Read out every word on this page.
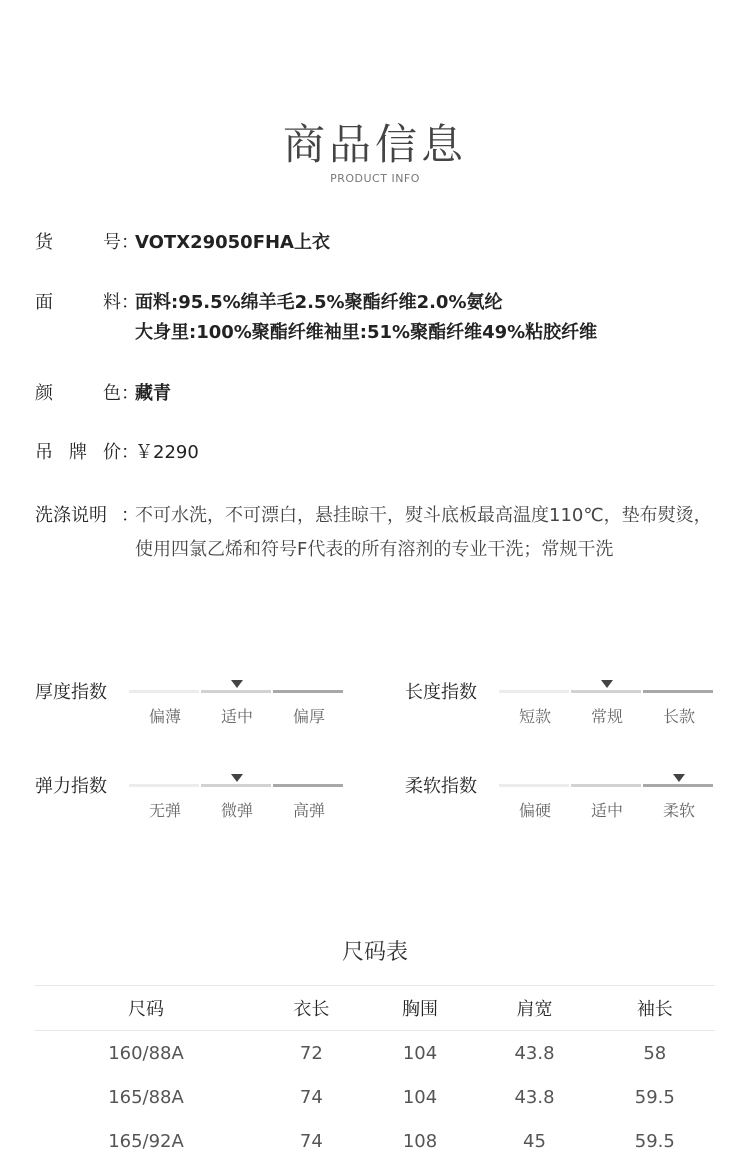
商品信息
PRODUCT INFO
货	号 ：
VOTX29050FHA上衣
面	料 ：
面料:95.5%绵羊毛2.5%聚酯纤维2.0%氨纶
大身里:100%聚酯纤维袖里:51%聚酯纤维49%粘胶纤维
颜	色 ：
藏青
吊 牌 价 ：
￥2290
洗涤说明 ：
不可水洗，不可漂白，悬挂晾干，熨斗底板最高温度110℃，垫布熨烫，使用四氯乙烯和符号F代表的所有溶剂的专业干洗；常规干洗
厚度指数
偏薄	适中	偏厚
长度指数
短款	常规	长款
弹力指数
无弹	微弹	高弹
柔软指数
偏硬	适中	柔软
尺码表
尺码	衣长	胸围	肩宽	袖长
160/88A	72	104	43.8	58
165/88A	74	104	43.8	59.5
165/92A	74	108	45	59.5
